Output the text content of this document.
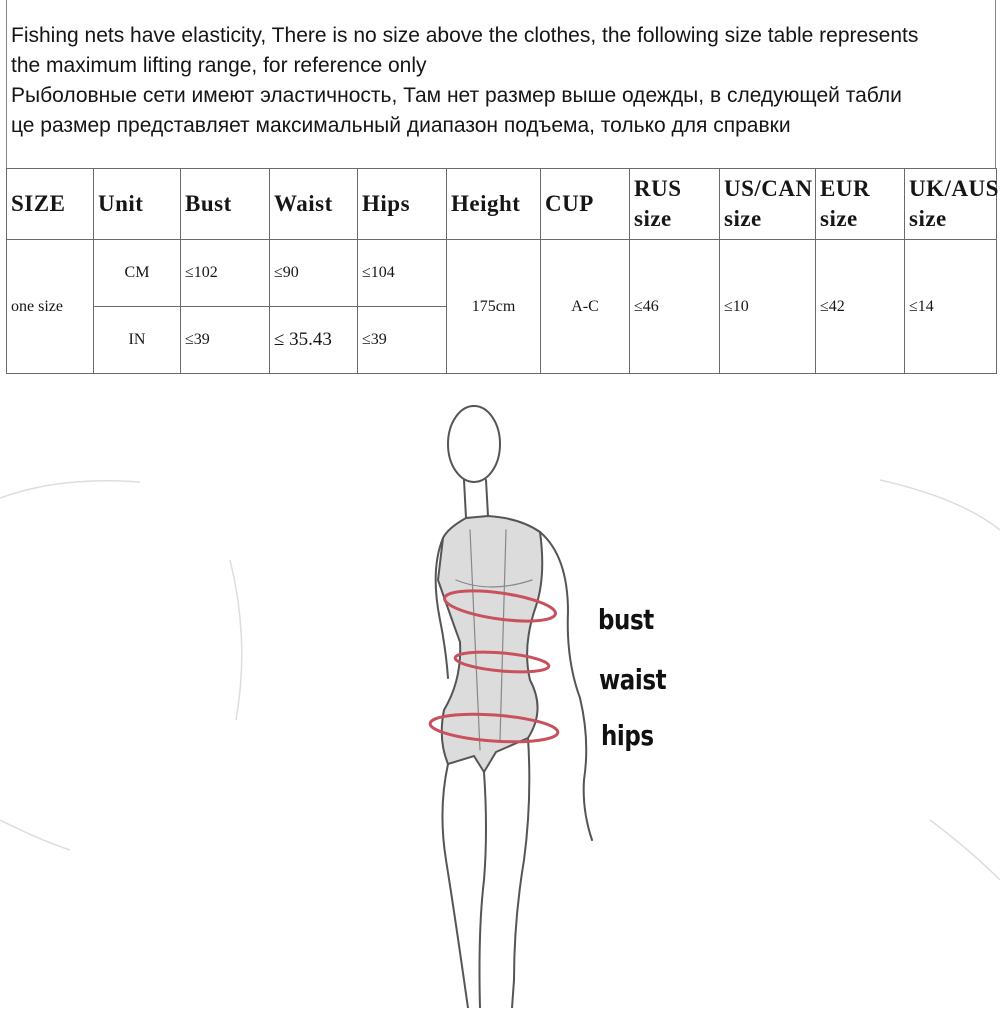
Fishing nets have elasticity, There is no size above the clothes, the following size table represents

the maximum lifting range, for reference only

Рыболовные сети имеют эластичность, Там нет размер выше одежды, в следующей табли

це размер представляет максимальный диапазон подъема, только для справки

SIZE	Unit	Bust	Waist	Hips	Height	CUP	RUS
size	US/CAN
size	EUR
size	UK/AUS
size
one size	CM	≤102	≤90	≤104	175cm	A-C	≤46	≤10	≤42	≤14
	IN	≤39	≤ 35.43	≤39						
bust
waist
hips
